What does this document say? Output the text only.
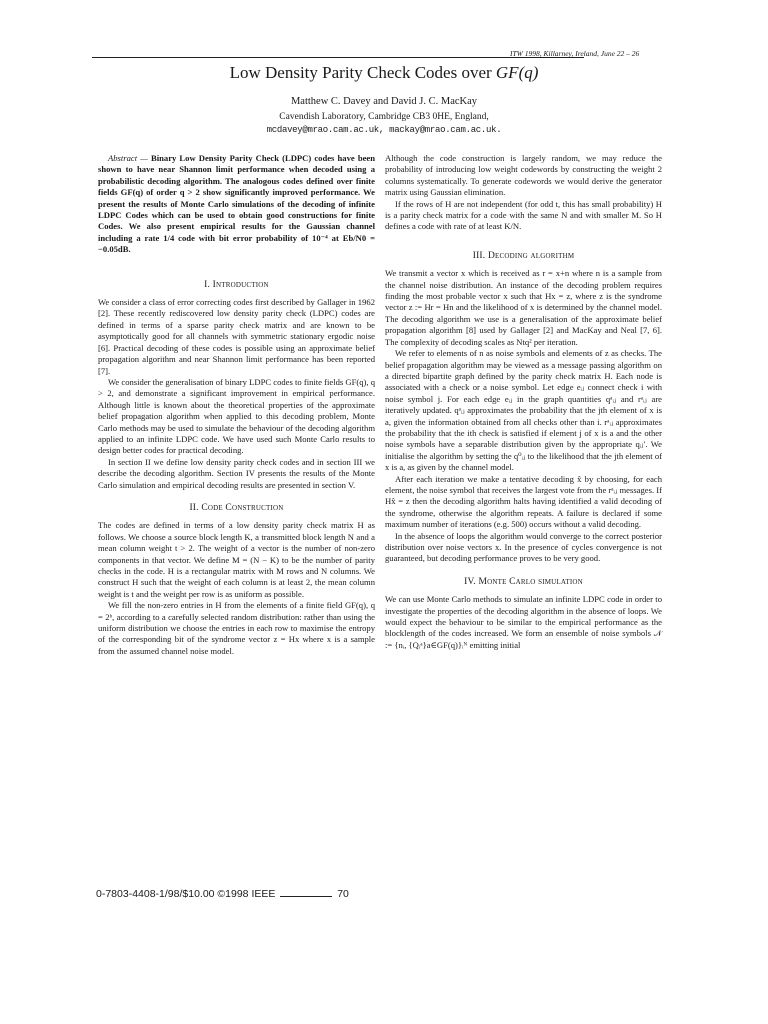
ITW 1998, Killarney, Ireland, June 22 – 26
Low Density Parity Check Codes over GF(q)

Matthew C. Davey and David J. C. MacKay

Cavendish Laboratory, Cambridge CB3 0HE, England,

mcdavey@mrao.cam.ac.uk, mackay@mrao.cam.ac.uk.

Abstract — Binary Low Density Parity Check (LDPC) codes have been shown to have near Shannon limit performance when decoded using a probabilistic decoding algorithm. The analogous codes defined over finite fields GF(q) of order q > 2 show significantly improved performance. We present the results of Monte Carlo simulations of the decoding of infinite LDPC Codes which can be used to obtain good constructions for finite Codes. We also present empirical results for the Gaussian channel including a rate 1/4 code with bit error probability of 10⁻⁴ at Eb/N0 = −0.05dB.

I. Introduction

We consider a class of error correcting codes first described by Gallager in 1962 [2]. These recently rediscovered low density parity check (LDPC) codes are defined in terms of a sparse parity check matrix and are known to be asymptotically good for all channels with symmetric stationary ergodic noise [6]. Practical decoding of these codes is possible using an approximate belief propagation algorithm and near Shannon limit performance has been reported [7].

We consider the generalisation of binary LDPC codes to finite fields GF(q), q > 2, and demonstrate a significant improvement in empirical performance. Although little is known about the theoretical properties of the approximate belief propagation algorithm when applied to this decoding problem, Monte Carlo methods may be used to simulate the behaviour of the decoding algorithm applied to an infinite LDPC code. We have used such Monte Carlo results to design better codes for practical decoding.

In section II we define low density parity check codes and in section III we describe the decoding algorithm. Section IV presents the results of the Monte Carlo simulation and empirical decoding results are presented in section V.

II. Code Construction

The codes are defined in terms of a low density parity check matrix H as follows. We choose a source block length K, a transmitted block length N and a mean column weight t > 2. The weight of a vector is the number of non-zero components in that vector. We define M = (N − K) to be the number of parity checks in the code. H is a rectangular matrix with M rows and N columns. We construct H such that the weight of each column is at least 2, the mean column weight is t and the weight per row is as uniform as possible.

We fill the non-zero entries in H from the elements of a finite field GF(q), q = 2ᵇ, according to a carefully selected random distribution: rather than using the uniform distribution we choose the entries in each row to maximise the entropy of the corresponding bit of the syndrome vector z = Hx where x is a sample from the assumed channel noise model.

Although the code construction is largely random, we may reduce the probability of introducing low weight codewords by constructing the weight 2 columns systematically. To generate codewords we would derive the generator matrix using Gaussian elimination.

If the rows of H are not independent (for odd t, this has small probability) H is a parity check matrix for a code with the same N and with smaller M. So H defines a code with rate of at least K/N.

III. Decoding algorithm

We transmit a vector x which is received as r = x+n where n is a sample from the channel noise distribution. An instance of the decoding problem requires finding the most probable vector x such that Hx = z, where z is the syndrome vector z := Hr = Hn and the likelihood of x is determined by the channel model. The decoding algorithm we use is a generalisation of the approximate belief propagation algorithm [8] used by Gallager [2] and MacKay and Neal [7, 6]. The complexity of decoding scales as Ntq² per iteration.

We refer to elements of n as noise symbols and elements of z as checks. The belief propagation algorithm may be viewed as a message passing algorithm on a directed bipartite graph defined by the parity check matrix H. Each node is associated with a check or a noise symbol. Let edge eᵢⱼ connect check i with noise symbol j. For each edge eᵢⱼ in the graph quantities qᵃᵢⱼ and rᵃᵢⱼ are iteratively updated. qᵃᵢⱼ approximates the probability that the jth element of x is a, given the information obtained from all checks other than i. rᵃᵢⱼ approximates the probability that the ith check is satisfied if element j of x is a and the other noise symbols have a separable distribution given by the appropriate qᵢⱼ′. We initialise the algorithm by setting the q⁰ᵢⱼ to the likelihood that the jth element of x is a, as given by the channel model.

After each iteration we make a tentative decoding x̂ by choosing, for each element, the noise symbol that receives the largest vote from the rᵃᵢⱼ messages. If Hx̂ = z then the decoding algorithm halts having identified a valid decoding of the syndrome, otherwise the algorithm repeats. A failure is declared if some maximum number of iterations (e.g. 500) occurs without a valid decoding.

In the absence of loops the algorithm would converge to the correct posterior distribution over noise vectors x. In the presence of cycles convergence is not guaranteed, but decoding performance proves to be very good.

IV. Monte Carlo simulation

We can use Monte Carlo methods to simulate an infinite LDPC code in order to investigate the properties of the decoding algorithm in the absence of loops. We would expect the behaviour to be similar to the empirical performance as the blocklength of the codes increased. We form an ensemble of noise symbols 𝒩 := {nᵢ, {Qᵢᵃ}a∈GF(q)}ᵢᴺ emitting initial

0-7803-4408-1/98/$10.00 ©1998 IEEE	70
